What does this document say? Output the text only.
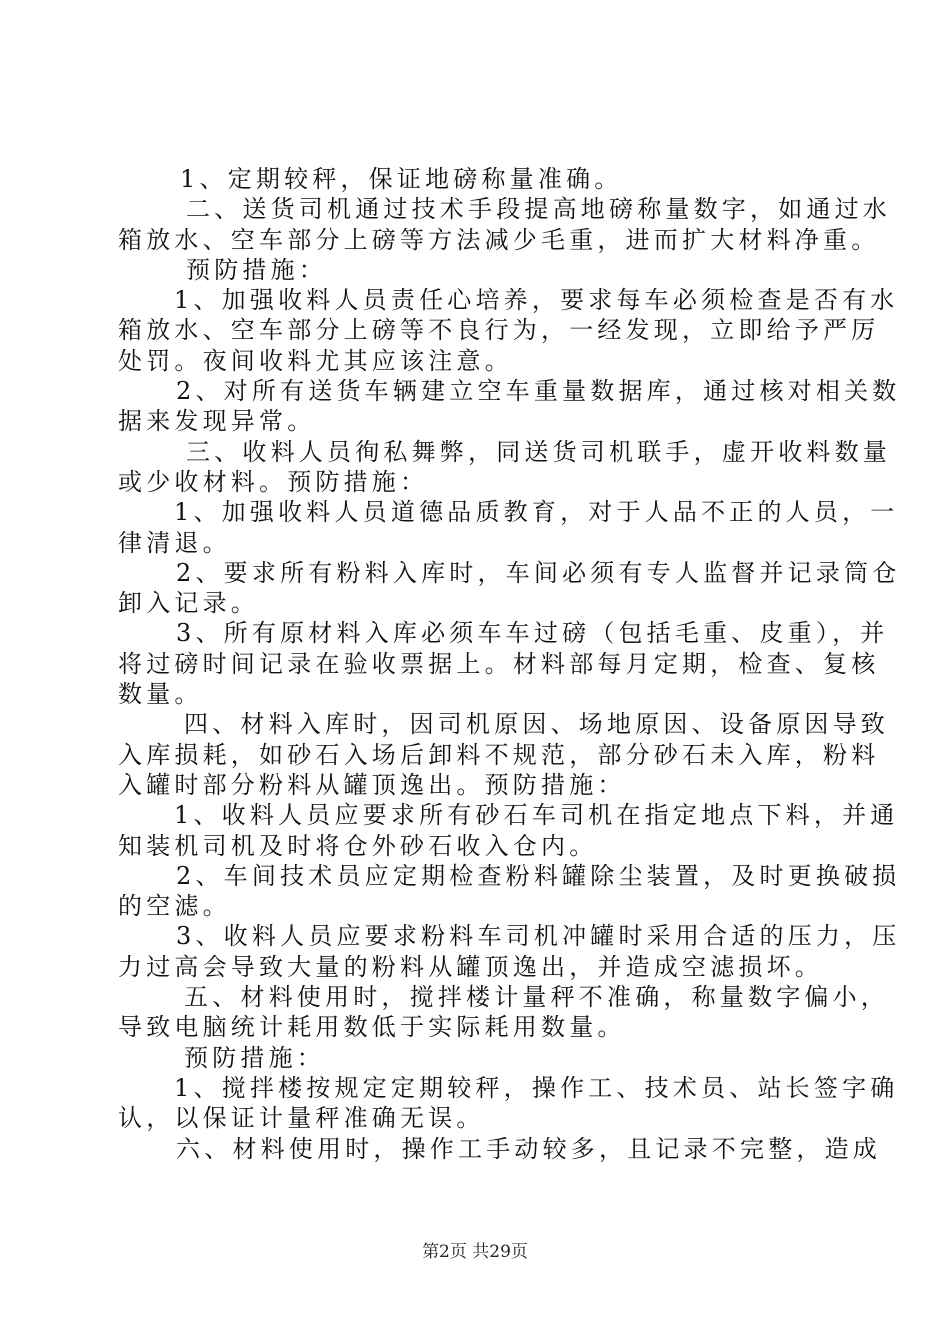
1、定期较秤，保证地磅称量准确。
二、送货司机通过技术手段提高地磅称量数字，如通过水
箱放水、空车部分上磅等方法减少毛重，进而扩大材料净重。
预防措施：
1、加强收料人员责任心培养，要求每车必须检查是否有水
箱放水、空车部分上磅等不良行为，一经发现，立即给予严厉
处罚。夜间收料尤其应该注意。
2、对所有送货车辆建立空车重量数据库，通过核对相关数
据来发现异常。
三、收料人员徇私舞弊，同送货司机联手，虚开收料数量
或少收材料。预防措施：
1、加强收料人员道德品质教育，对于人品不正的人员，一
律清退。
2、要求所有粉料入库时，车间必须有专人监督并记录筒仓
卸入记录。
3、所有原材料入库必须车车过磅（包括毛重、皮重），并
将过磅时间记录在验收票据上。材料部每月定期，检查、复核
数量。
四、材料入库时，因司机原因、场地原因、设备原因导致
入库损耗，如砂石入场后卸料不规范，部分砂石未入库，粉料
入罐时部分粉料从罐顶逸出。预防措施：
1、收料人员应要求所有砂石车司机在指定地点下料，并通
知装机司机及时将仓外砂石收入仓内。
2、车间技术员应定期检查粉料罐除尘装置，及时更换破损
的空滤。
3、收料人员应要求粉料车司机冲罐时采用合适的压力，压
力过高会导致大量的粉料从罐顶逸出，并造成空滤损坏。
五、材料使用时，搅拌楼计量秤不准确，称量数字偏小，
导致电脑统计耗用数低于实际耗用数量。
预防措施：
1、搅拌楼按规定定期较秤，操作工、技术员、站长签字确
认，以保证计量秤准确无误。
六、材料使用时，操作工手动较多，且记录不完整，造成
第2页 共29页
